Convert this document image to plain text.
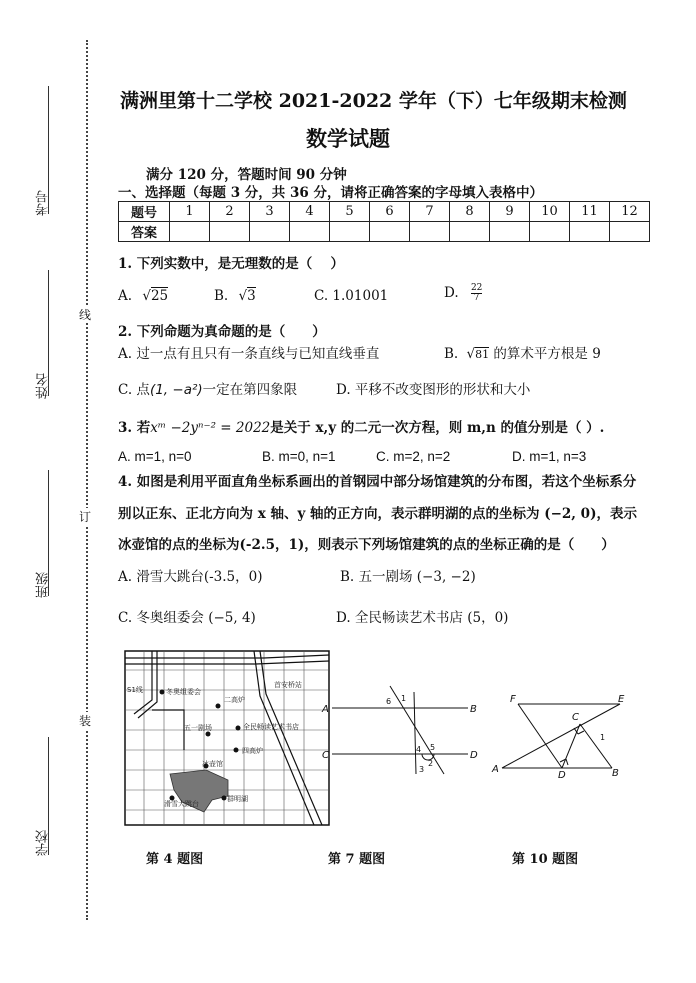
线
订
装
考号
姓名
班级
学校
满洲里第十二学校 2021-2022 学年（下）七年级期末检测
数学试题
满分 120 分，答题时间 90 分钟
一、选择题（每题 3 分，共 36 分，请将正确答案的字母填入表格中）
题号	1	2	3	4	5	6	7	8	9	10	11	12
答案												
1. 下列实数中，是无理数的是（　 ）
A. √25	B. √3	C. 1.01001	D. $\frac{22}{7}$
2. 下列命题为真命题的是（　　）
A. 过一点有且只有一条直线与已知直线垂直	B. √81 的算术平方根是 9
C. 点(1, −a²)一定在第四象限	D. 平移不改变图形的形状和大小
3. 若xᵐ −2yⁿ⁻² = 2022是关于 x,y 的二元一次方程，则 m,n 的值分别是（ ）.
A. m=1, n=0	B. m=0, n=1	C. m=2, n=2	D. m=1, n=3
4. 如图是利用平面直角坐标系画出的首钢园中部分场馆建筑的分布图，若这个坐标系分
别以正东、正北方向为 x 轴、y 轴的正方向，表示群明湖的点的坐标为 (−2, 0)，表示
冰壶馆的点的坐标为(-2.5，1)，则表示下列场馆建筑的点的坐标正确的是（　　）
A. 滑雪大跳台(-3.5，0)	B. 五一剧场 (−3, −2)
C. 冬奥组委会 (−5, 4)	D. 全民畅读艺术书店 (5，0)
S1线	冬奥组委会
首安桥站
二高炉
五一剧场	全民畅读艺术书店
四高炉
冰壶馆
滑雪大跳台
群明湖
A	B
C	D
1
2
3
4 5
6	F	E
C
A
D	B
1
第 4 题图	第 7 题图	第 10 题图
